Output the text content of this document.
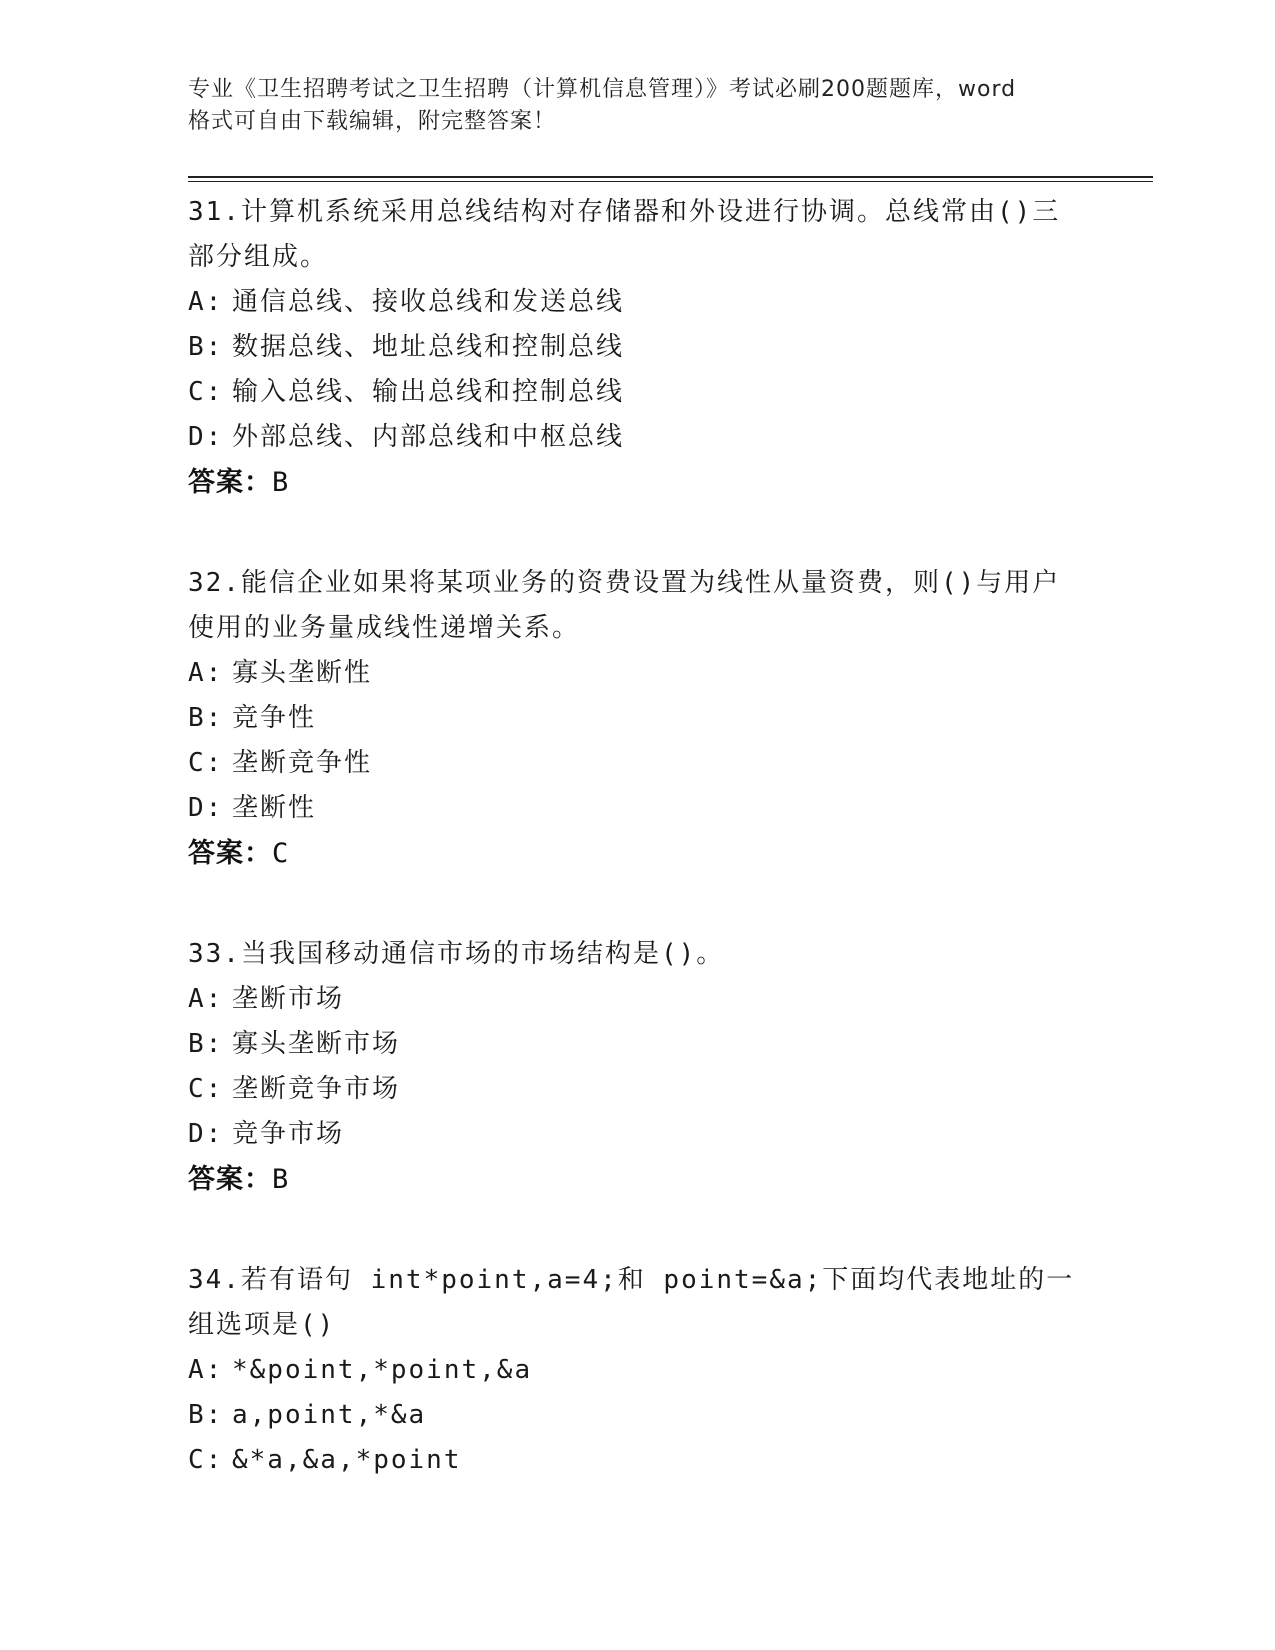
专业《卫生招聘考试之卫生招聘（计算机信息管理）》考试必刷200题题库，word
格式可自由下载编辑，附完整答案！
31.计算机系统采用总线结构对存储器和外设进行协调。总线常由()三部分组成。
A: 通信总线、接收总线和发送总线
B: 数据总线、地址总线和控制总线
C: 输入总线、输出总线和控制总线
D: 外部总线、内部总线和中枢总线
答案：B
32.能信企业如果将某项业务的资费设置为线性从量资费，则()与用户使用的业务量成线性递增关系。
A: 寡头垄断性
B: 竞争性
C: 垄断竞争性
D: 垄断性
答案：C
33.当我国移动通信市场的市场结构是()。
A: 垄断市场
B: 寡头垄断市场
C: 垄断竞争市场
D: 竞争市场
答案：B
34.若有语句 int*point,a=4;和 point=&a;下面均代表地址的一组选项是()
A: *&point,*point,&a
B: a,point,*&a
C: &*a,&a,*point
